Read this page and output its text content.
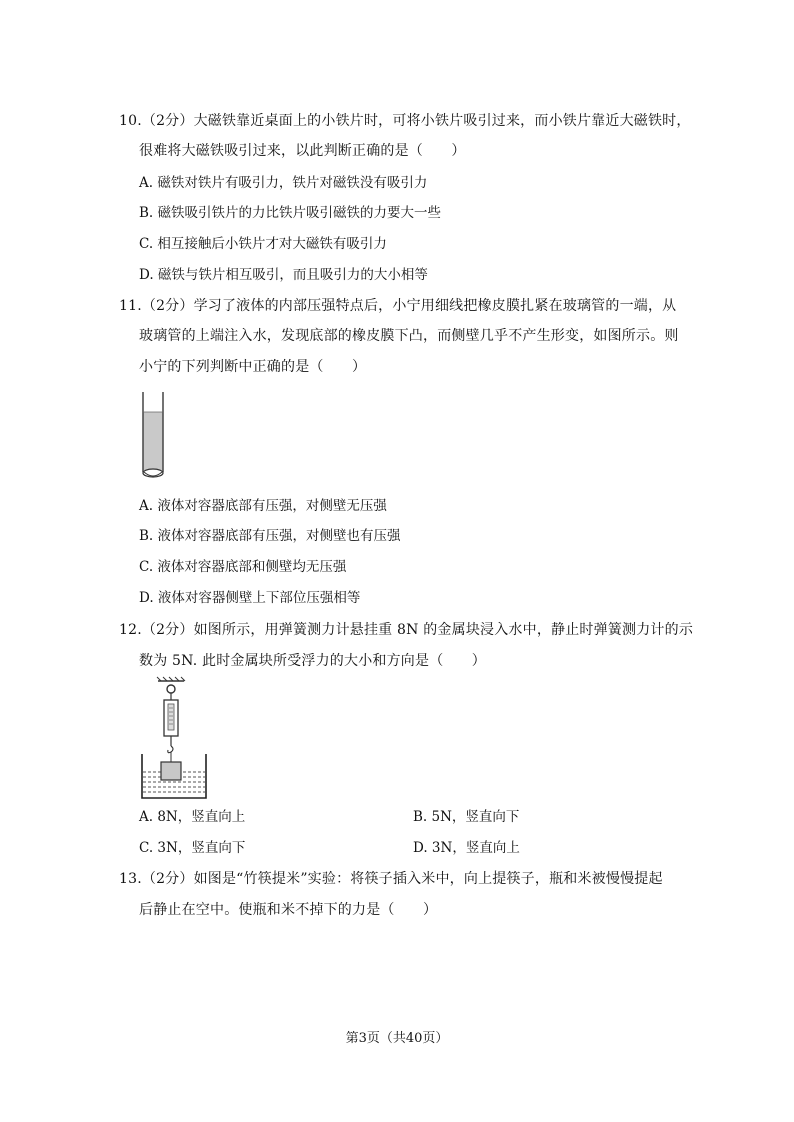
10.（2分）大磁铁靠近桌面上的小铁片时，可将小铁片吸引过来，而小铁片靠近大磁铁时，
很难将大磁铁吸引过来，以此判断正确的是（　　）
A. 磁铁对铁片有吸引力，铁片对磁铁没有吸引力
B. 磁铁吸引铁片的力比铁片吸引磁铁的力要大一些
C. 相互接触后小铁片才对大磁铁有吸引力
D. 磁铁与铁片相互吸引，而且吸引力的大小相等
11.（2分）学习了液体的内部压强特点后，小宁用细线把橡皮膜扎紧在玻璃管的一端，从
玻璃管的上端注入水，发现底部的橡皮膜下凸，而侧壁几乎不产生形变，如图所示。则
小宁的下列判断中正确的是（　　）
A. 液体对容器底部有压强，对侧壁无压强
B. 液体对容器底部有压强，对侧壁也有压强
C. 液体对容器底部和侧壁均无压强
D. 液体对容器侧壁上下部位压强相等
12.（2分）如图所示，用弹簧测力计悬挂重 8N 的金属块浸入水中，静止时弹簧测力计的示
数为 5N. 此时金属块所受浮力的大小和方向是（　　）
A. 8N，竖直向上	B. 5N，竖直向下
C. 3N，竖直向下	D. 3N，竖直向上
13.（2分）如图是“竹筷提米”实验：将筷子插入米中，向上提筷子，瓶和米被慢慢提起
后静止在空中。使瓶和米不掉下的力是（　　）
第3页（共40页）
